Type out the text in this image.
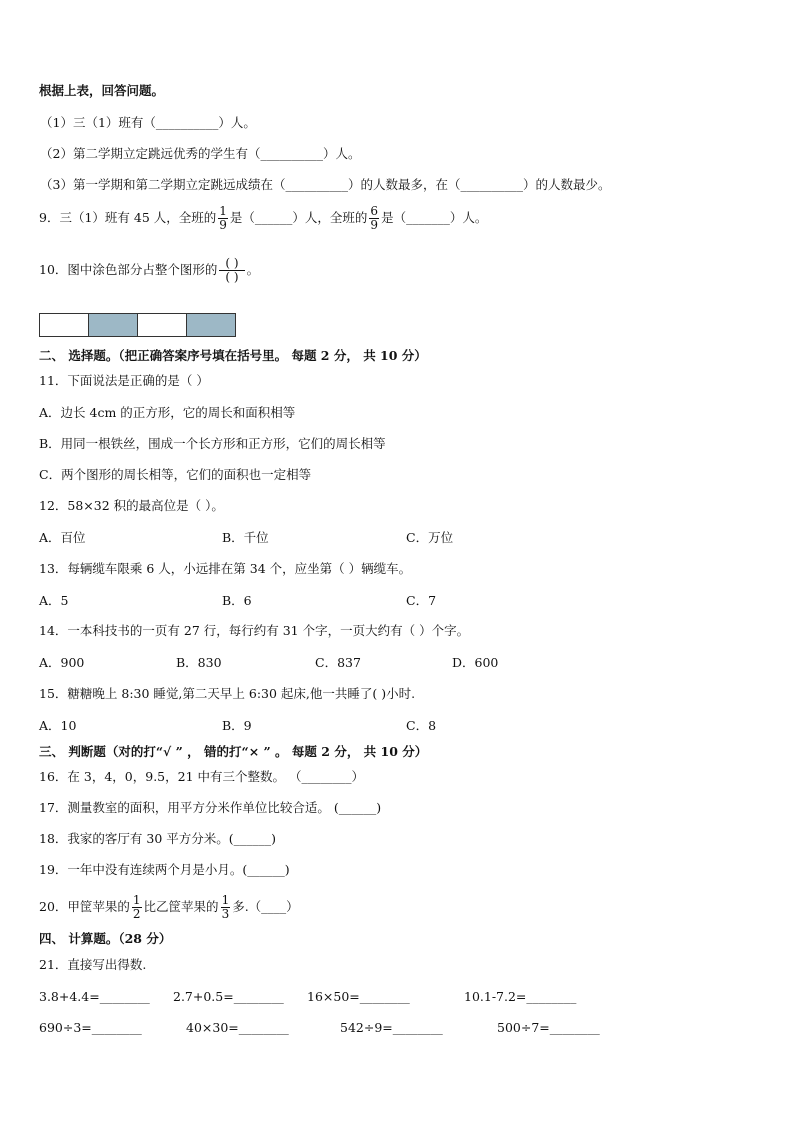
根据上表，回答问题。
（1）三（1）班有（__________）人。
（2）第二学期立定跳远优秀的学生有（__________）人。
（3）第一学期和第二学期立定跳远成绩在（__________）的人数最多，在（__________）的人数最少。
9．三（1）班有 45 人，全班的 $\frac{1}{9}$ 是（______）人，全班的 $\frac{6}{9}$ 是（_______）人。
10．图中涂色部分占整个图形的 $\frac{( )}{( )}$ 。
二、 选择题。（把正确答案序号填在括号里。 每题 2 分， 共 10 分）
11．下面说法是正确的是（ ）
A．边长 4cm 的正方形，它的周长和面积相等
B．用同一根铁丝，围成一个长方形和正方形，它们的周长相等
C．两个图形的周长相等，它们的面积也一定相等
12．58×32 积的最高位是（ ）。
A．百位	B．千位	C．万位
13．每辆缆车限乘 6 人，小远排在第 34 个，应坐第（ ）辆缆车。
A．5	B．6	C．7
14．一本科技书的一页有 27 行，每行约有 31 个字，一页大约有（ ）个字。
A．900	B．830	C．837	D．600
15．糖糖晚上 8:30 睡觉,第二天早上 6:30 起床,他一共睡了( )小时.
A．10	B．9	C．8
三、 判断题（对的打“√ ” ， 错的打“× ” 。 每题 2 分， 共 10 分）
16．在 3，4，0，9.5，21 中有三个整数。 （________）
17．测量教室的面积，用平方分米作单位比较合适。 (______)
18．我家的客厅有 30 平方分米。(______)
19．一年中没有连续两个月是小月。(______)
20．甲筐苹果的 $\frac{1}{2}$ 比乙筐苹果的 $\frac{1}{3}$ 多.（____）
四、 计算题。（28 分）
21．直接写出得数.
3.8+4.4=________ 2.7+0.5=________ 16×50=________	10.1-7.2=________
690÷3=________	40×30=________	542÷9=________	500÷7=________
